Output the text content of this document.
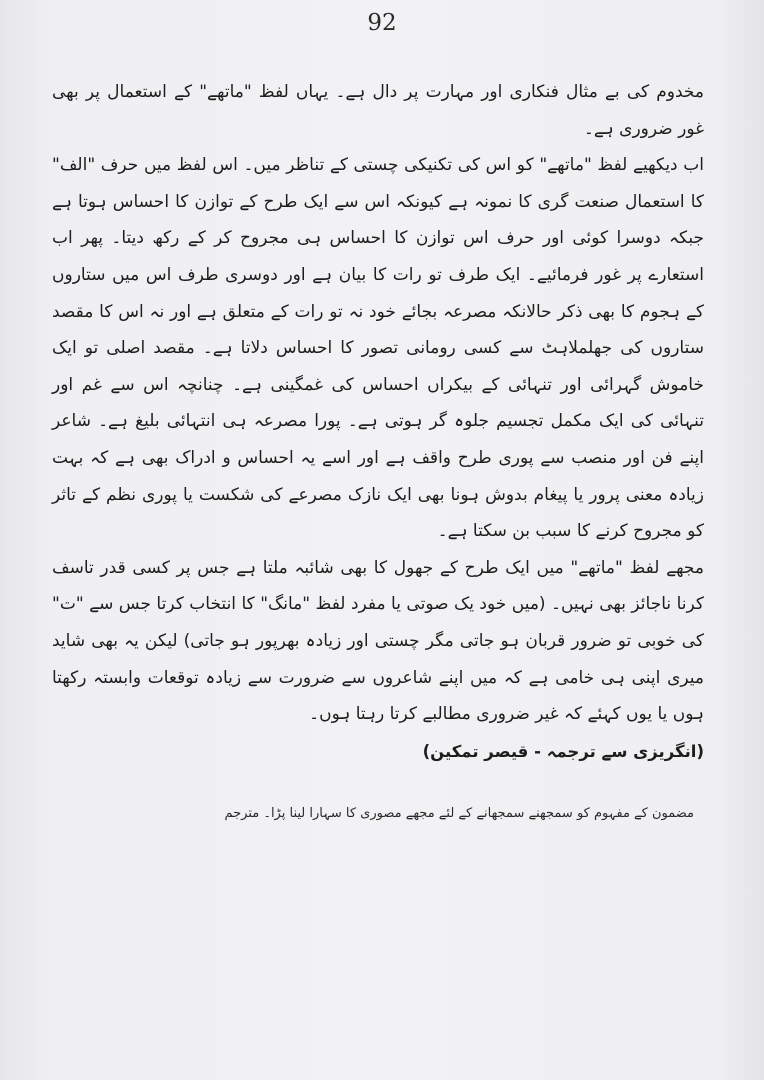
92

مخدوم کی بے مثال فنکاری اور مہارت پر دال ہے۔ یہاں لفظ "ماتھے" کے استعمال پر بھی غور ضروری ہے۔

اب دیکھیے لفظ "ماتھے" کو اس کی تکنیکی چستی کے تناظر میں۔ اس لفظ میں حرف "الف" کا استعمال صنعت گری کا نمونہ ہے کیونکہ اس سے ایک طرح کے توازن کا احساس ہوتا ہے جبکہ دوسرا کوئی اور حرف اس توازن کا احساس ہی مجروح کر کے رکھ دیتا۔ پھر اب استعارے پر غور فرمائیے۔ ایک طرف تو رات کا بیان ہے اور دوسری طرف اس میں ستاروں کے ہجوم کا بھی ذکر حالانکہ مصرعہ بجائے خود نہ تو رات کے متعلق ہے اور نہ اس کا مقصد ستاروں کی جھلملاہٹ سے کسی رومانی تصور کا احساس دلاتا ہے۔ مقصد اصلی تو ایک خاموش گہرائی اور تنہائی کے بیکراں احساس کی غمگینی ہے۔ چنانچہ اس سے غم اور تنہائی کی ایک مکمل تجسیم جلوہ گر ہوتی ہے۔ پورا مصرعہ ہی انتہائی بلیغ ہے۔ شاعر اپنے فن اور منصب سے پوری طرح واقف ہے اور اسے یہ احساس و ادراک بھی ہے کہ بہت زیادہ معنی پرور یا پیغام بدوش ہونا بھی ایک نازک مصرعے کی شکست یا پوری نظم کے تاثر کو مجروح کرنے کا سبب بن سکتا ہے۔

مجھے لفظ "ماتھے" میں ایک طرح کے جھول کا بھی شائبہ ملتا ہے جس پر کسی قدر تاسف کرنا ناجائز بھی نہیں۔ (میں خود یک صوتی یا مفرد لفظ "مانگ" کا انتخاب کرتا جس سے "ت" کی خوبی تو ضرور قربان ہو جاتی مگر چستی اور زیادہ بھرپور ہو جاتی) لیکن یہ بھی شاید میری اپنی ہی خامی ہے کہ میں اپنے شاعروں سے ضرورت سے زیادہ توقعات وابستہ رکھتا ہوں یا یوں کہئے کہ غیر ضروری مطالبے کرتا رہتا ہوں۔

(انگریزی سے ترجمہ - قیصر تمکین)

مضمون کے مفہوم کو سمجھنے سمجھانے کے لئے مجھے مصوری کا سہارا لینا پڑا۔ مترجم
